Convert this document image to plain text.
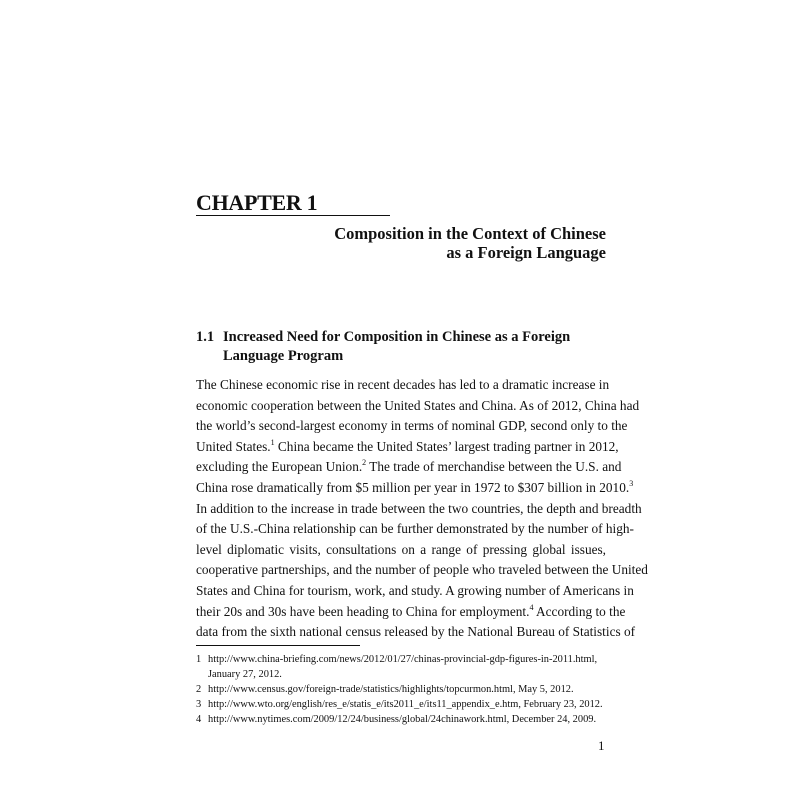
CHAPTER 1
Composition in the Context of Chinese
as a Foreign Language
1.1 Increased Need for Composition in Chinese as a Foreign
Language Program
The Chinese economic rise in recent decades has led to a dramatic increase in
economic cooperation between the United States and China. As of 2012, China had
the world’s second-largest economy in terms of nominal GDP, second only to the
United States.$^1$ China became the United States’ largest trading partner in 2012,
excluding the European Union.$^2$ The trade of merchandise between the U.S. and
China rose dramatically from $5 million per year in 1972 to $307 billion in 2010.$^3$
In addition to the increase in trade between the two countries, the depth and breadth
of the U.S.-China relationship can be further demonstrated by the number of high-
level diplomatic visits, consultations on a range of pressing global issues,
cooperative partnerships, and the number of people who traveled between the United
States and China for tourism, work, and study. A growing number of Americans in
their 20s and 30s have been heading to China for employment.$^4$ According to the
data from the sixth national census released by the National Bureau of Statistics of
1 http://www.china-briefing.com/news/2012/01/27/chinas-provincial-gdp-figures-in-2011.html,
January 27, 2012.
2 http://www.census.gov/foreign-trade/statistics/highlights/topcurmon.html, May 5, 2012.
3 http://www.wto.org/english/res_e/statis_e/its2011_e/its11_appendix_e.htm, February 23, 2012.
4 http://www.nytimes.com/2009/12/24/business/global/24chinawork.html, December 24, 2009.
1
